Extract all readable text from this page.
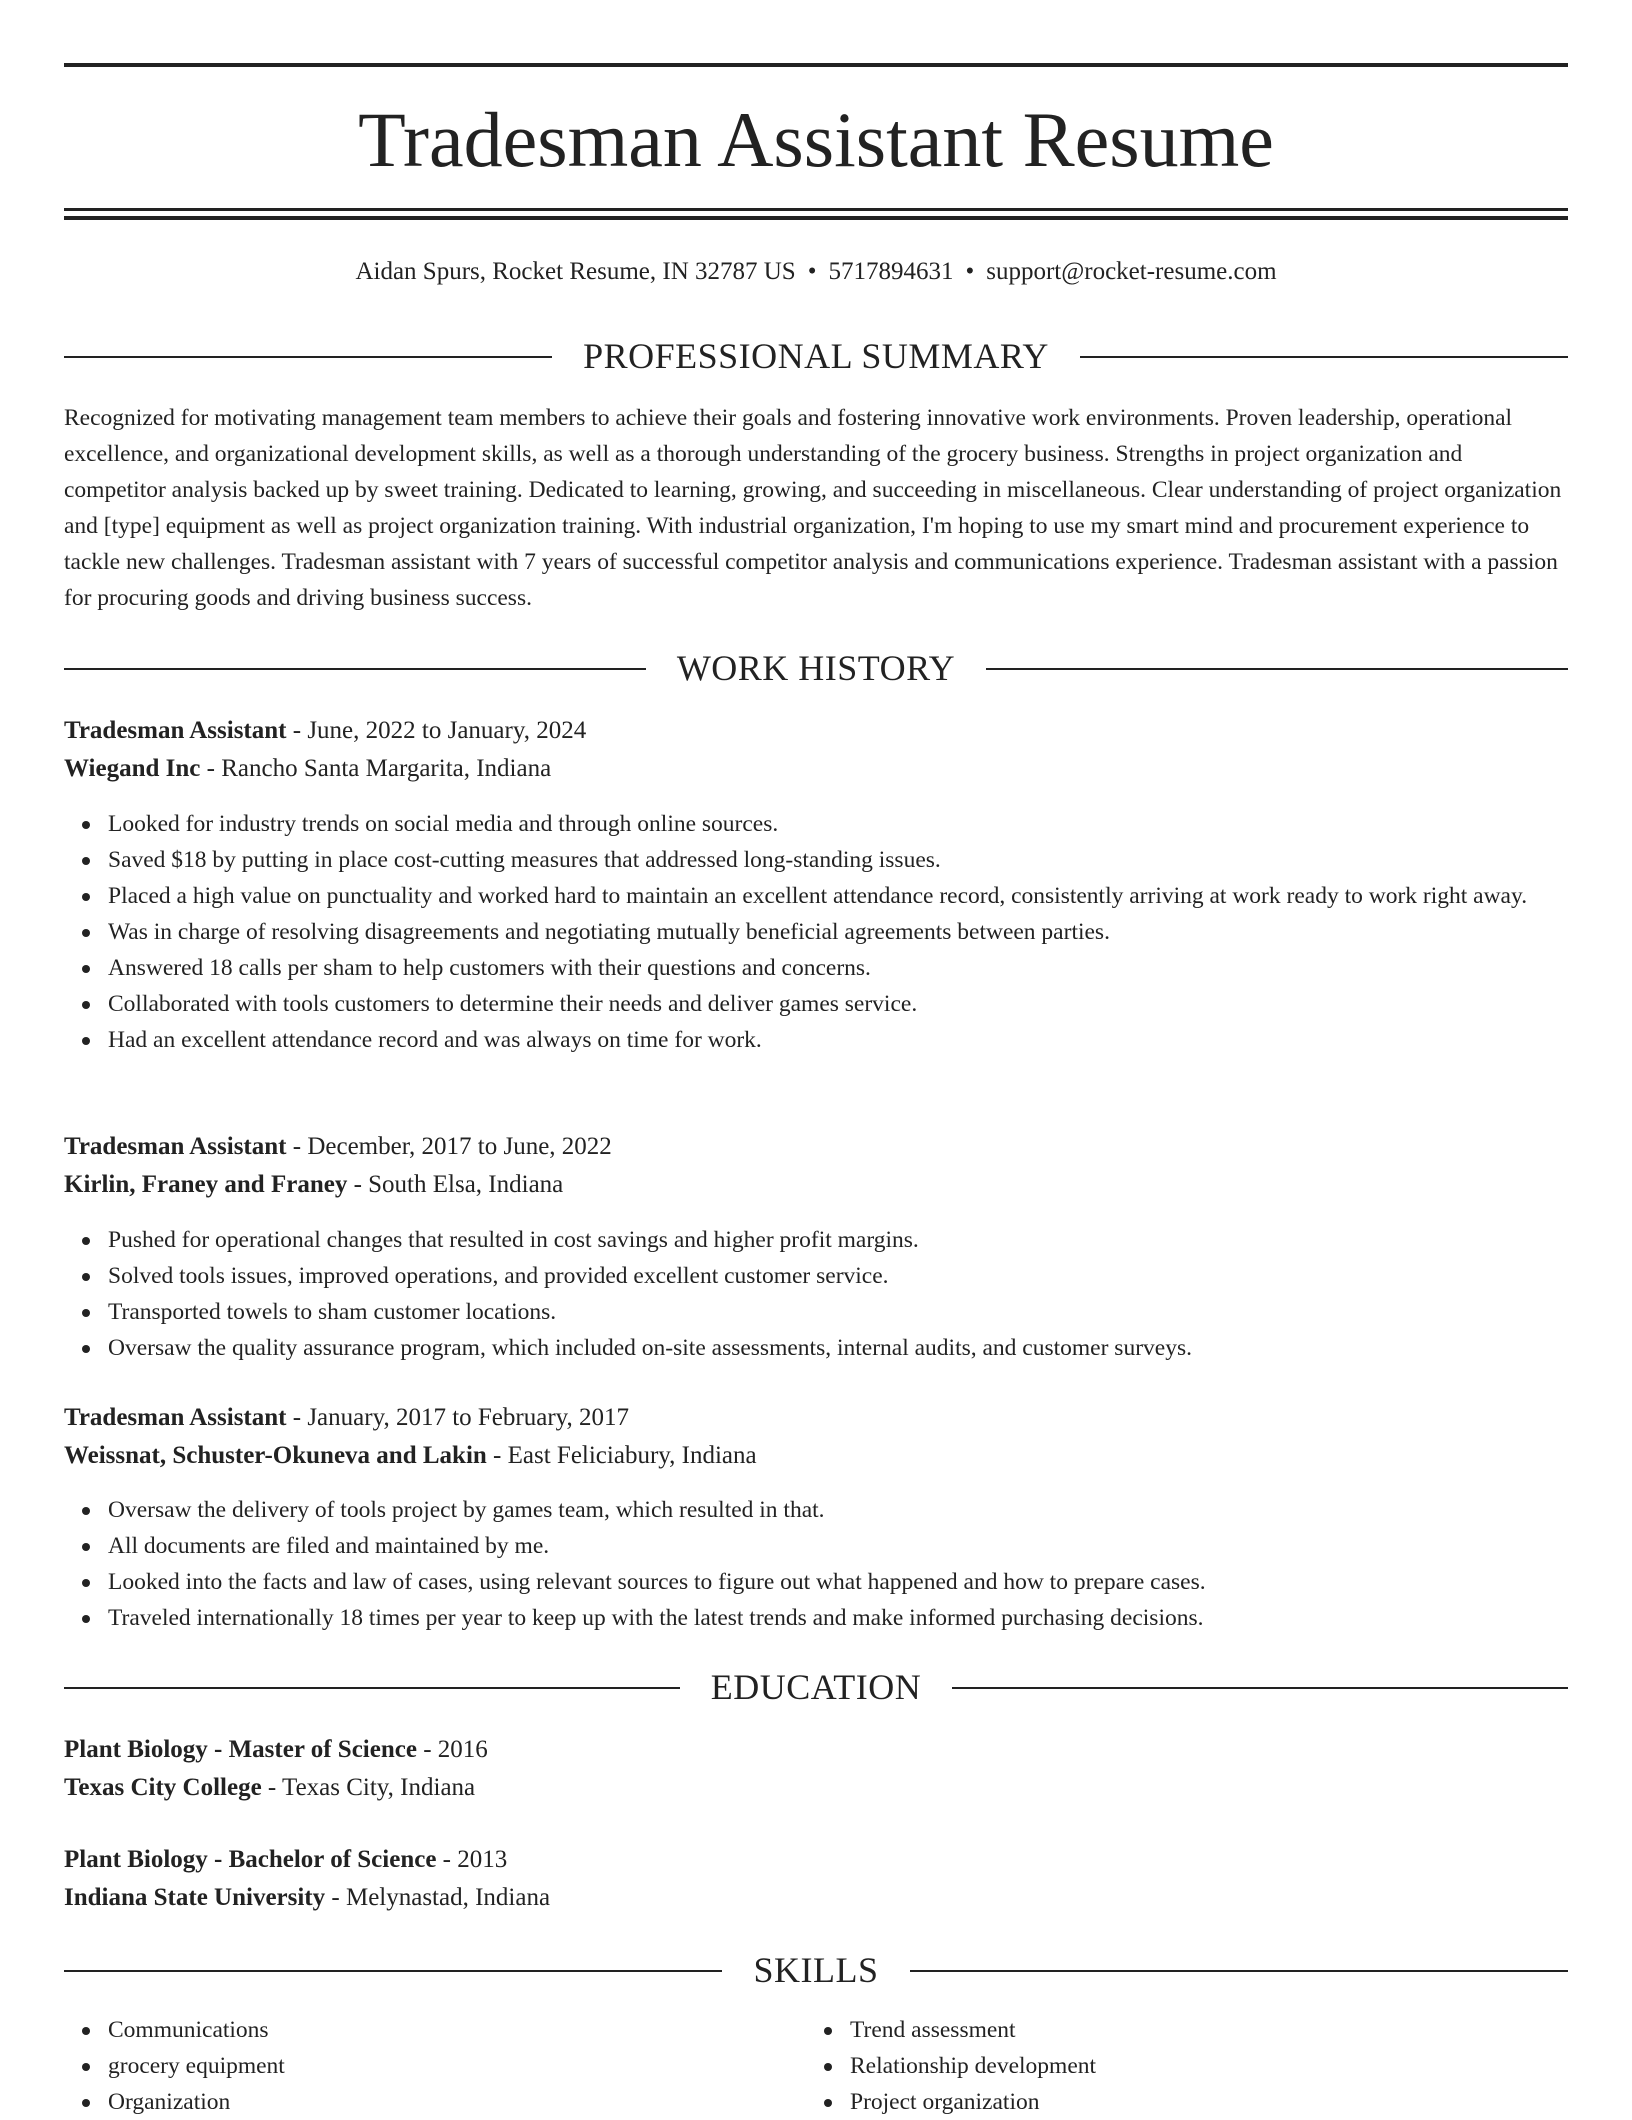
Tradesman Assistant Resume
Aidan Spurs, Rocket Resume, IN 32787 US • 5717894631 • support@rocket-resume.com
PROFESSIONAL SUMMARY
Recognized for motivating management team members to achieve their goals and fostering innovative work environments. Proven leadership, operational excellence, and organizational development skills, as well as a thorough understanding of the grocery business. Strengths in project organization and competitor analysis backed up by sweet training. Dedicated to learning, growing, and succeeding in miscellaneous. Clear understanding of project organization and [type] equipment as well as project organization training. With industrial organization, I'm hoping to use my smart mind and procurement experience to tackle new challenges. Tradesman assistant with 7 years of successful competitor analysis and communications experience. Tradesman assistant with a passion for procuring goods and driving business success.
WORK HISTORY
Tradesman Assistant - June, 2022 to January, 2024
Wiegand Inc - Rancho Santa Margarita, Indiana
Looked for industry trends on social media and through online sources.
Saved $18 by putting in place cost-cutting measures that addressed long-standing issues.
Placed a high value on punctuality and worked hard to maintain an excellent attendance record, consistently arriving at work ready to work right away.
Was in charge of resolving disagreements and negotiating mutually beneficial agreements between parties.
Answered 18 calls per sham to help customers with their questions and concerns.
Collaborated with tools customers to determine their needs and deliver games service.
Had an excellent attendance record and was always on time for work.
Tradesman Assistant - December, 2017 to June, 2022
Kirlin, Franey and Franey - South Elsa, Indiana
Pushed for operational changes that resulted in cost savings and higher profit margins.
Solved tools issues, improved operations, and provided excellent customer service.
Transported towels to sham customer locations.
Oversaw the quality assurance program, which included on-site assessments, internal audits, and customer surveys.
Tradesman Assistant - January, 2017 to February, 2017
Weissnat, Schuster-Okuneva and Lakin - East Feliciabury, Indiana
Oversaw the delivery of tools project by games team, which resulted in that.
All documents are filed and maintained by me.
Looked into the facts and law of cases, using relevant sources to figure out what happened and how to prepare cases.
Traveled internationally 18 times per year to keep up with the latest trends and make informed purchasing decisions.
EDUCATION
Plant Biology - Master of Science - 2016
Texas City College - Texas City, Indiana
Plant Biology - Bachelor of Science - 2013
Indiana State University - Melynastad, Indiana
SKILLS
Communications
grocery equipment
Organization
Trend assessment
Relationship development
Project organization
